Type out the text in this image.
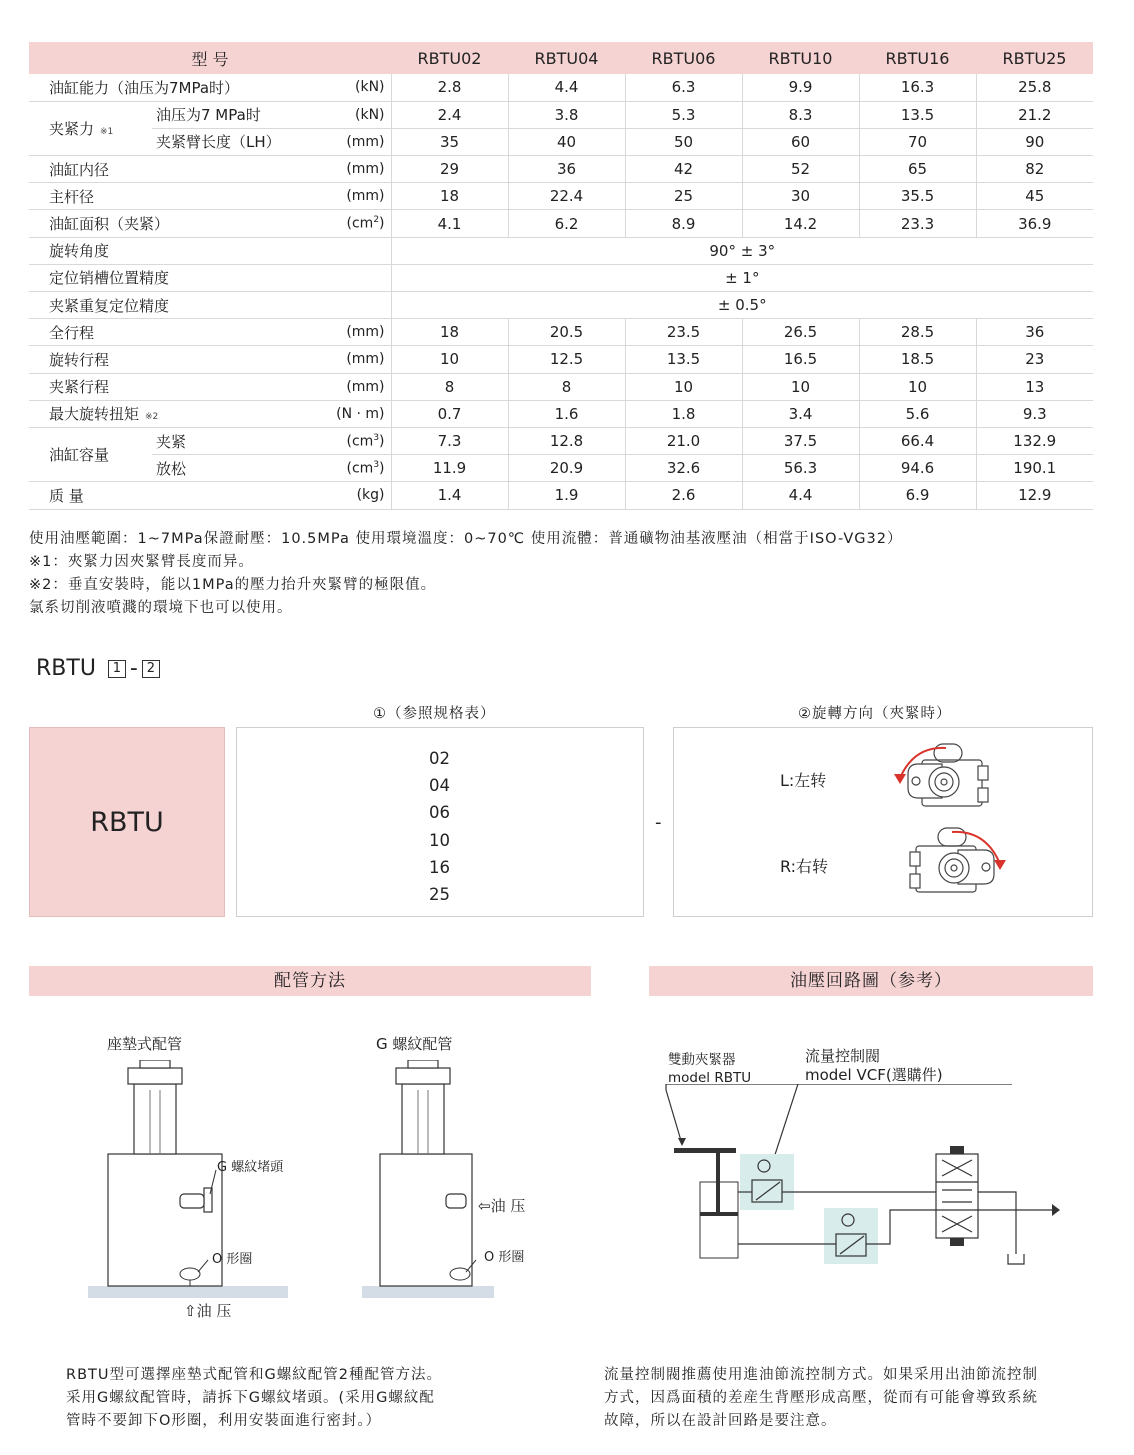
型 号			RBTU02	RBTU04	RBTU06	RBTU10	RBTU16	RBTU25
油缸能力（油压为7MPa时）		(kN)	2.8	4.4	6.3	9.9	16.3	25.8
夹紧力 ※1	油压为7 MPa时	(kN)	2.4	3.8	5.3	8.3	13.5	21.2
	夹紧臂长度（LH）	(mm)	35	40	50	60	70	90
油缸内径		(mm)	29	36	42	52	65	82
主杆径		(mm)	18	22.4	25	30	35.5	45
油缸面积（夹紧）		$(cm^2)$	4.1	6.2	8.9	14.2	23.3	36.9
旋转角度			90° ± 3°					
定位销槽位置精度			± 1°					
夹紧重复定位精度			± 0.5°					
全行程		(mm)	18	20.5	23.5	26.5	28.5	36
旋转行程		(mm)	10	12.5	13.5	16.5	18.5	23
夹紧行程		(mm)	8	8	10	10	10	13
最大旋转扭矩 ※2		(N · m)	0.7	1.6	1.8	3.4	5.6	9.3
油缸容量	夹紧	$(cm^3)$	7.3	12.8	21.0	37.5	66.4	132.9
	放松	$(cm^3)$	11.9	20.9	32.6	56.3	94.6	190.1
质 量		(kg)	1.4	1.9	2.6	4.4	6.9	12.9
使用油壓範圍：1~7MPa保證耐壓：10.5MPa 使用環境溫度：0~70℃ 使用流體：普通礦物油基液壓油（相當于ISO-VG32）
※1：夾緊力因夾緊臂長度而异。
※2：垂直安裝時，能以1MPa的壓力抬升夾緊臂的極限值。
氯系切削液噴濺的環境下也可以使用。
RBTU	1 - 2
①（参照规格表）	②旋轉方向（夾緊時）
RBTU
02
04
06
10
16
25
-
L:左转
R:右转
配管方法	油壓回路圖（参考）
座墊式配管	G 螺紋配管
G 螺紋堵頭
O 形圈	O 形圈
⇧油 压
⇦油 压
RBTU型可選擇座墊式配管和G螺紋配管2種配管方法。
采用G螺紋配管時，請拆下G螺紋堵頭。(采用G螺紋配
管時不要卸下O形圈，利用安裝面進行密封。）
雙動夾緊器
model RBTU
流量控制閥
model VCF(選購件)
流量控制閥推薦使用進油節流控制方式。如果采用出油節流控制
方式，因爲面積的差産生背壓形成高壓，從而有可能會導致系統
故障，所以在設計回路是要注意。
